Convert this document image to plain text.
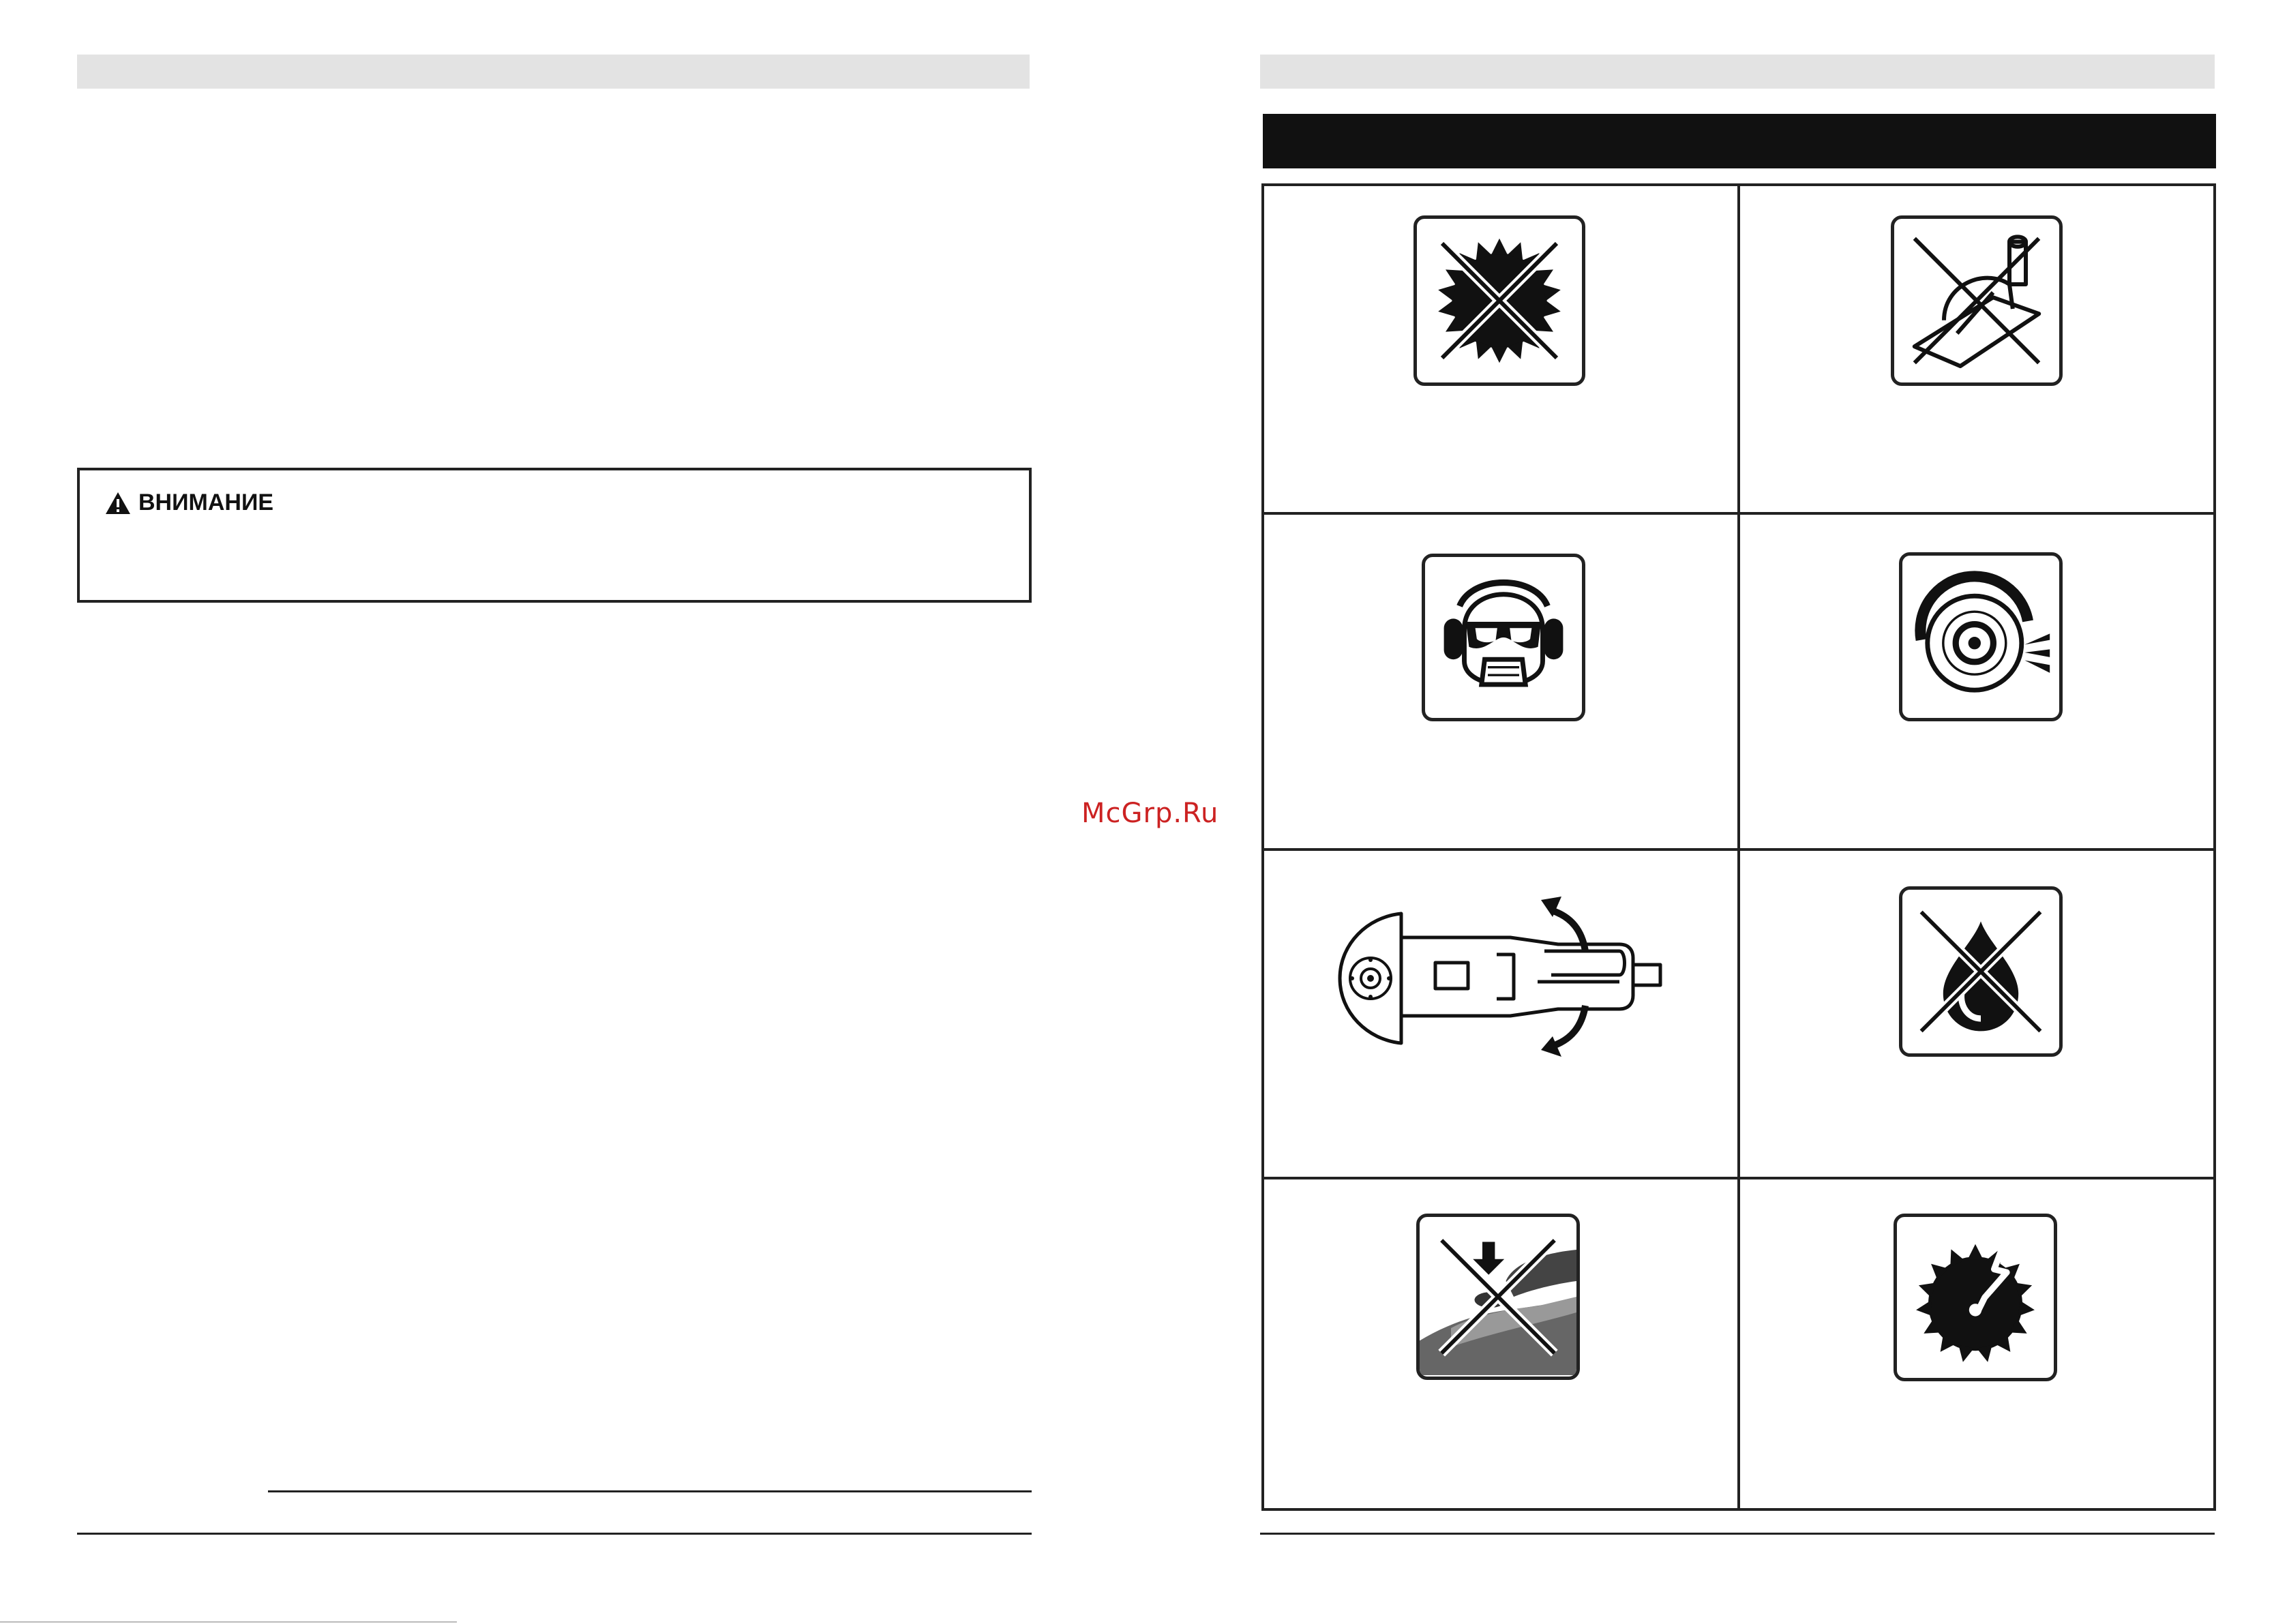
ВНИМАНИЕ
McGrp.Ru
